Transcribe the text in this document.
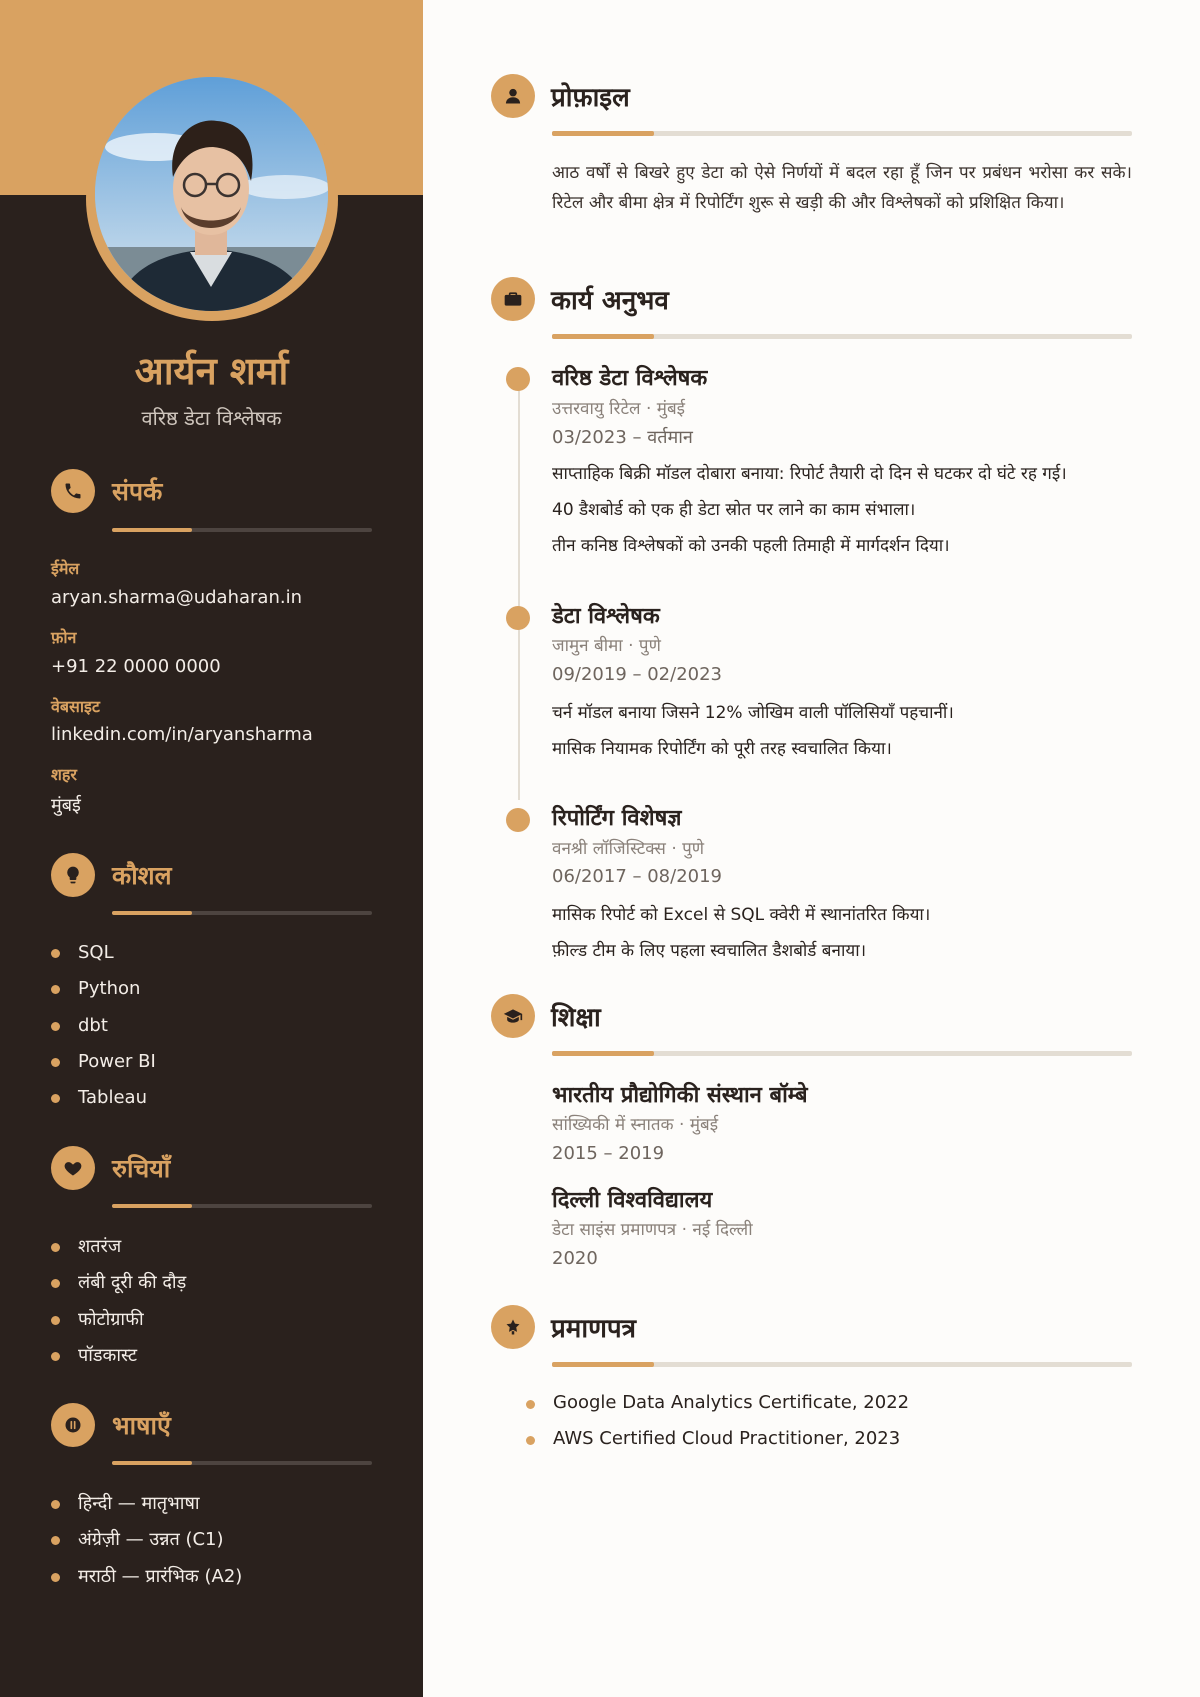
आर्यन शर्मा
वरिष्ठ डेटा विश्लेषक
संपर्क
ईमेल
aryan.sharma@udaharan.in
फ़ोन
+91 22 0000 0000
वेबसाइट
linkedin.com/in/aryansharma
शहर
मुंबई
कौशल
SQL
Python
dbt
Power BI
Tableau
रुचियाँ
शतरंज
लंबी दूरी की दौड़
फोटोग्राफी
पॉडकास्ट
भाषाएँ
हिन्दी — मातृभाषा
अंग्रेज़ी — उन्नत (C1)
मराठी — प्रारंभिक (A2)
प्रोफ़ाइल

आठ वर्षों से बिखरे हुए डेटा को ऐसे निर्णयों में बदल रहा हूँ जिन पर प्रबंधन भरोसा कर सके। रिटेल और बीमा क्षेत्र में रिपोर्टिंग शुरू से खड़ी की और विश्लेषकों को प्रशिक्षित किया।

कार्य अनुभव
वरिष्ठ डेटा विश्लेषक
उत्तरवायु रिटेल · मुंबई
03/2023 – वर्तमान
साप्ताहिक बिक्री मॉडल दोबारा बनाया: रिपोर्ट तैयारी दो दिन से घटकर दो घंटे रह गई।
40 डैशबोर्ड को एक ही डेटा स्रोत पर लाने का काम संभाला।
तीन कनिष्ठ विश्लेषकों को उनकी पहली तिमाही में मार्गदर्शन दिया।
डेटा विश्लेषक
जामुन बीमा · पुणे
09/2019 – 02/2023
चर्न मॉडल बनाया जिसने 12% जोखिम वाली पॉलिसियाँ पहचानीं।
मासिक नियामक रिपोर्टिंग को पूरी तरह स्वचालित किया।
रिपोर्टिंग विशेषज्ञ
वनश्री लॉजिस्टिक्स · पुणे
06/2017 – 08/2019
मासिक रिपोर्ट को Excel से SQL क्वेरी में स्थानांतरित किया।
फ़ील्ड टीम के लिए पहला स्वचालित डैशबोर्ड बनाया।
शिक्षा
भारतीय प्रौद्योगिकी संस्थान बॉम्बे
सांख्यिकी में स्नातक · मुंबई
2015 – 2019
दिल्ली विश्वविद्यालय
डेटा साइंस प्रमाणपत्र · नई दिल्ली
2020
प्रमाणपत्र
Google Data Analytics Certificate, 2022
AWS Certified Cloud Practitioner, 2023
